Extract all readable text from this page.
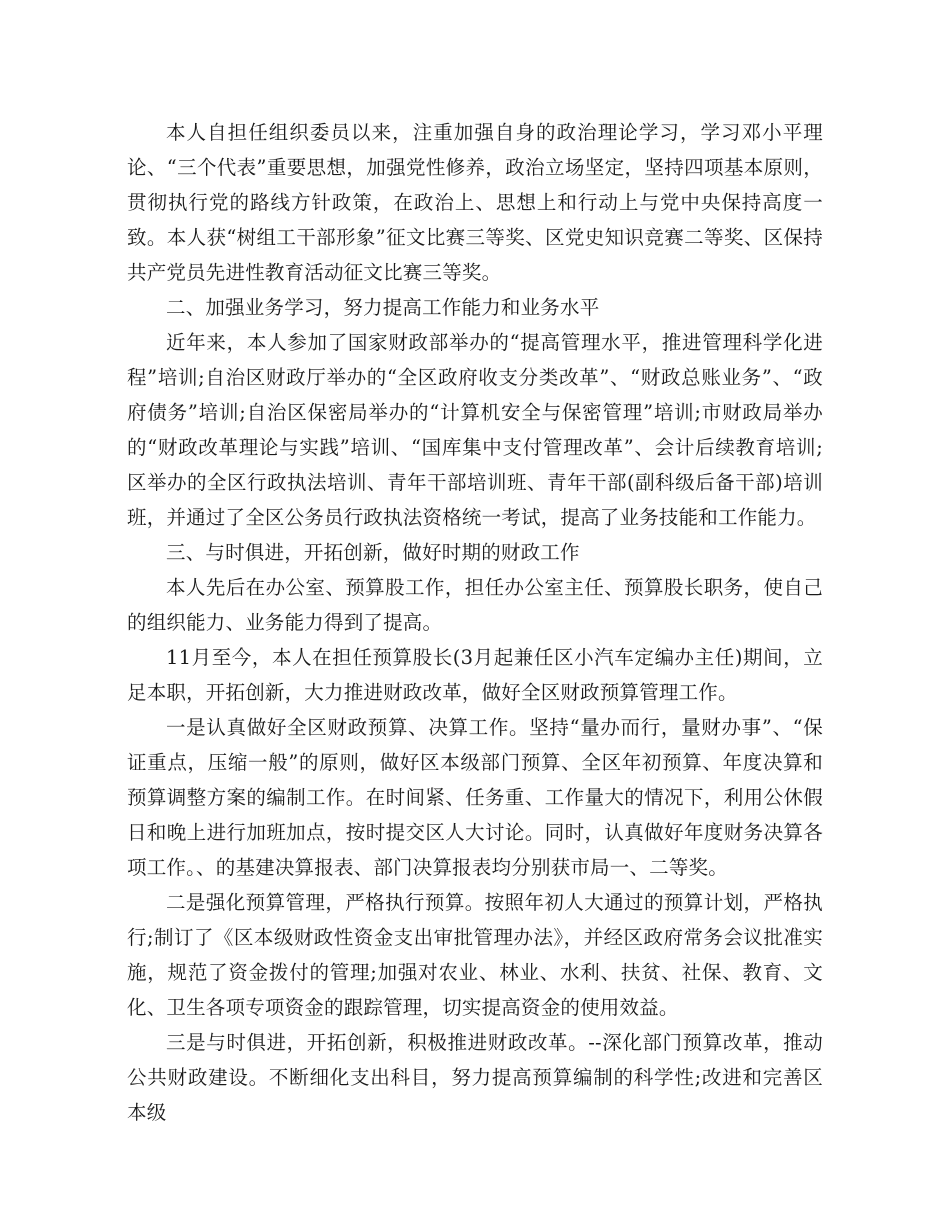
本人自担任组织委员以来，注重加强自身的政治理论学习，学习邓小平理论、“三个代表”重要思想，加强党性修养，政治立场坚定，坚持四项基本原则，贯彻执行党的路线方针政策，在政治上、思想上和行动上与党中央保持高度一致。本人获“树组工干部形象”征文比赛三等奖、区党史知识竞赛二等奖、区保持共产党员先进性教育活动征文比赛三等奖。

二、加强业务学习，努力提高工作能力和业务水平

近年来，本人参加了国家财政部举办的“提高管理水平，推进管理科学化进程”培训;自治区财政厅举办的“全区政府收支分类改革”、“财政总账业务”、“政府债务”培训;自治区保密局举办的“计算机安全与保密管理”培训;市财政局举办的“财政改革理论与实践”培训、“国库集中支付管理改革”、会计后续教育培训;区举办的全区行政执法培训、青年干部培训班、青年干部(副科级后备干部)培训班，并通过了全区公务员行政执法资格统一考试，提高了业务技能和工作能力。

三、与时俱进，开拓创新，做好时期的财政工作

本人先后在办公室、预算股工作，担任办公室主任、预算股长职务，使自己的组织能力、业务能力得到了提高。

11月至今，本人在担任预算股长(3月起兼任区小汽车定编办主任)期间，立足本职，开拓创新，大力推进财政改革，做好全区财政预算管理工作。

一是认真做好全区财政预算、决算工作。坚持“量办而行，量财办事”、“保证重点，压缩一般”的原则，做好区本级部门预算、全区年初预算、年度决算和预算调整方案的编制工作。在时间紧、任务重、工作量大的情况下，利用公休假日和晚上进行加班加点，按时提交区人大讨论。同时，认真做好年度财务决算各项工作。、的基建决算报表、部门决算报表均分别获市局一、二等奖。

二是强化预算管理，严格执行预算。按照年初人大通过的预算计划，严格执行;制订了《区本级财政性资金支出审批管理办法》，并经区政府常务会议批准实施，规范了资金拨付的管理;加强对农业、林业、水利、扶贫、社保、教育、文化、卫生各项专项资金的跟踪管理，切实提高资金的使用效益。

三是与时俱进，开拓创新，积极推进财政改革。--深化部门预算改革，推动公共财政建设。不断细化支出科目，努力提高预算编制的科学性;改进和完善区本级
